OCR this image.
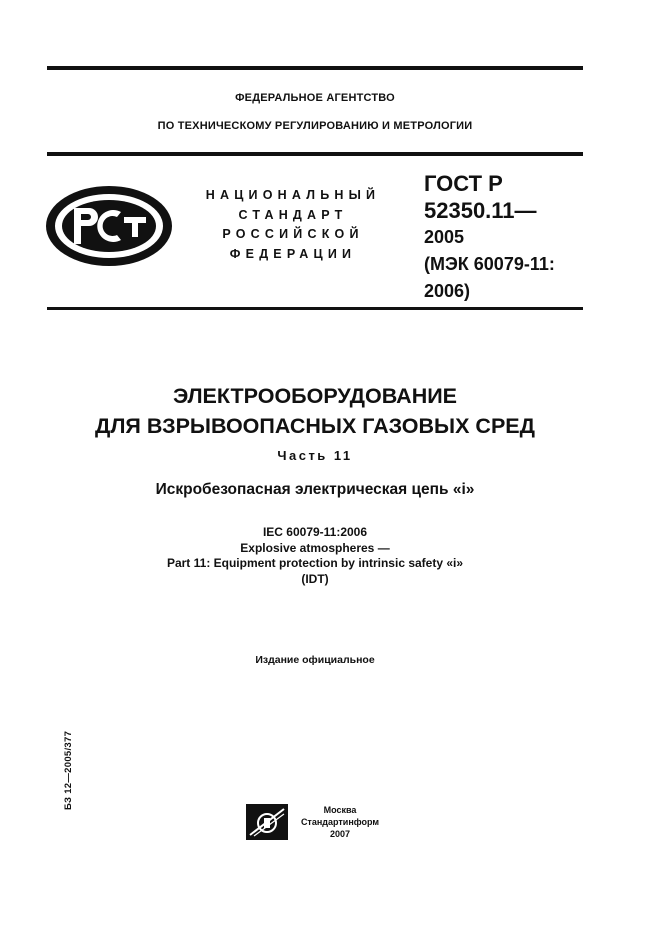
ФЕДЕРАЛЬНОЕ АГЕНТСТВО
ПО ТЕХНИЧЕСКОМУ РЕГУЛИРОВАНИЮ И МЕТРОЛОГИИ
НАЦИОНАЛЬНЫЙ
СТАНДАРТ
РОССИЙСКОЙ
ФЕДЕРАЦИИ
ГОСТ Р
52350.11—
2005
(МЭК 60079-11:
2006)
ЭЛЕКТРООБОРУДОВАНИЕ
ДЛЯ ВЗРЫВООПАСНЫХ ГАЗОВЫХ СРЕД
Часть 11
Искробезопасная электрическая цепь «i»
IEC 60079-11:2006
Explosive atmospheres —
Part 11: Equipment protection by intrinsic safety «i»
(IDT)
Издание официальное
БЗ 12—2005/377	Москва
Стандартинформ
2007
